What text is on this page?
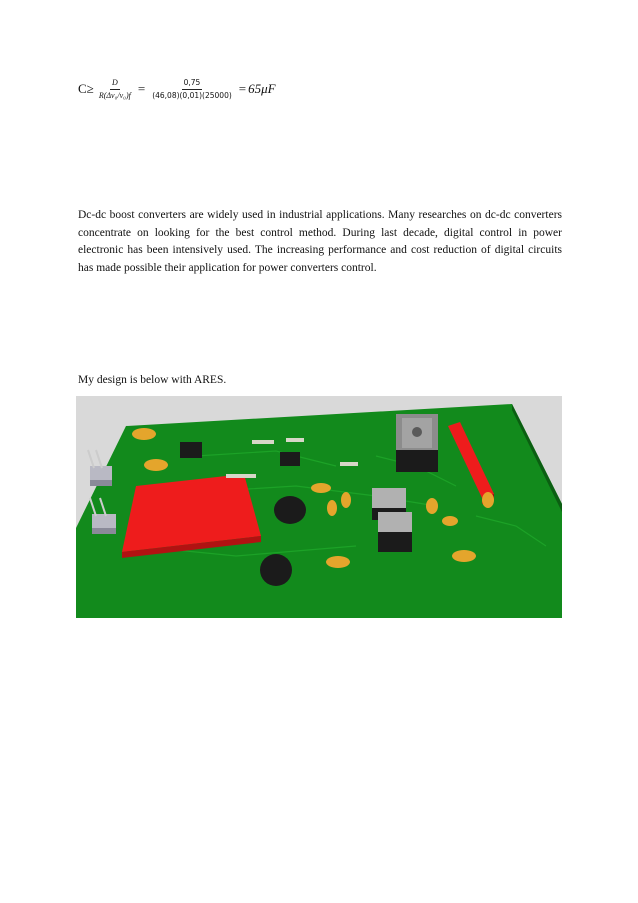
$C\ge \frac{D}{\text{R(Δv₀/v₀)f}} = \frac{0,75}{(46,08)(0,01)(25000)} = 65\mu F$

Dc-dc boost converters are widely used in industrial applications. Many researches on dc-dc converters concentrate on looking for the best control method. During last decade, digital control in power electronic has been intensively used. The increasing performance and cost reduction of digital circuits has made possible their application for power converters control.

My design is below with ARES.
